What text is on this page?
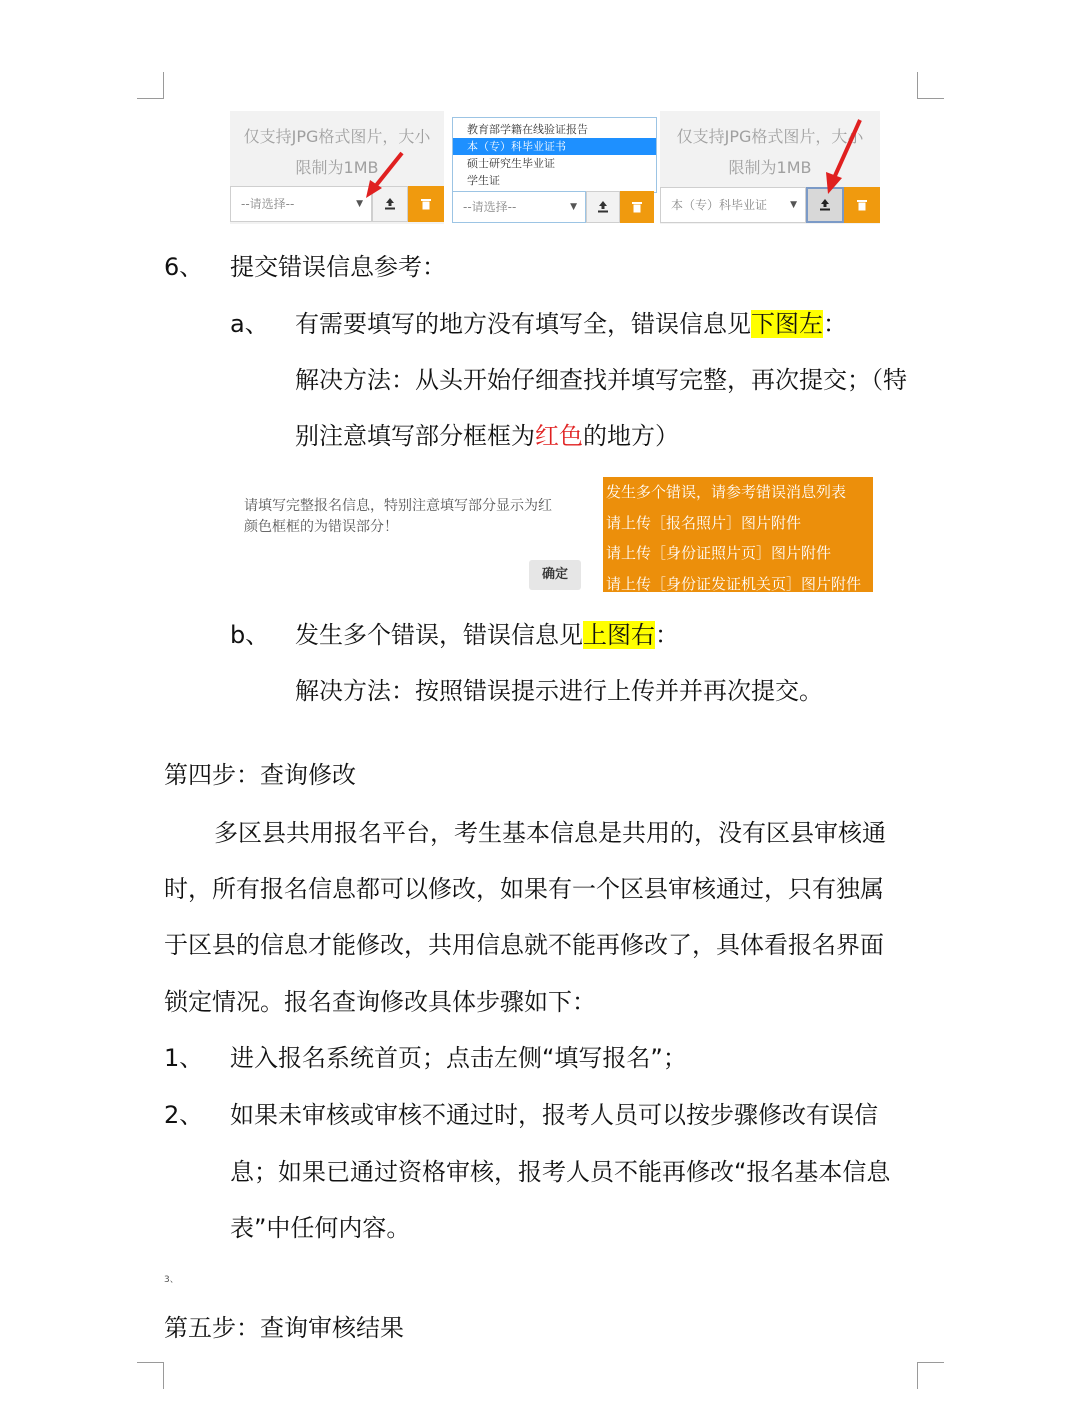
仅支持JPG格式图片，大小
限制为1MB
--请选择--	▼
教育部学籍在线验证报告
本（专）科毕业证书
硕士研究生毕业证
学生证
--请选择--	▼
仅支持JPG格式图片，大小
限制为1MB
本（专）科毕业证	▼
6、 提交错误信息参考：
a、 有需要填写的地方没有填写全，错误信息见下图左：
解决方法：从头开始仔细查找并填写完整，再次提交；（特
别注意填写部分框框为红色的地方）
请填写完整报名信息，特别注意填写部分显示为红
颜色框框的为错误部分！
确定
发生多个错误，请参考错误消息列表
请上传［报名照片］图片附件
请上传［身份证照片页］图片附件
请上传［身份证发证机关页］图片附件
b、 发生多个错误，错误信息见上图右：
解决方法：按照错误提示进行上传并并再次提交。
第四步：查询修改
多区县共用报名平台，考生基本信息是共用的，没有区县审核通
时，所有报名信息都可以修改，如果有一个区县审核通过，只有独属
于区县的信息才能修改，共用信息就不能再修改了，具体看报名界面
锁定情况。报名查询修改具体步骤如下：
1、 进入报名系统首页；点击左侧“填写报名”；
2、 如果未审核或审核不通过时，报考人员可以按步骤修改有误信
息；如果已通过资格审核，报考人员不能再修改“报名基本信息
表”中任何内容。
3、
第五步：查询审核结果
